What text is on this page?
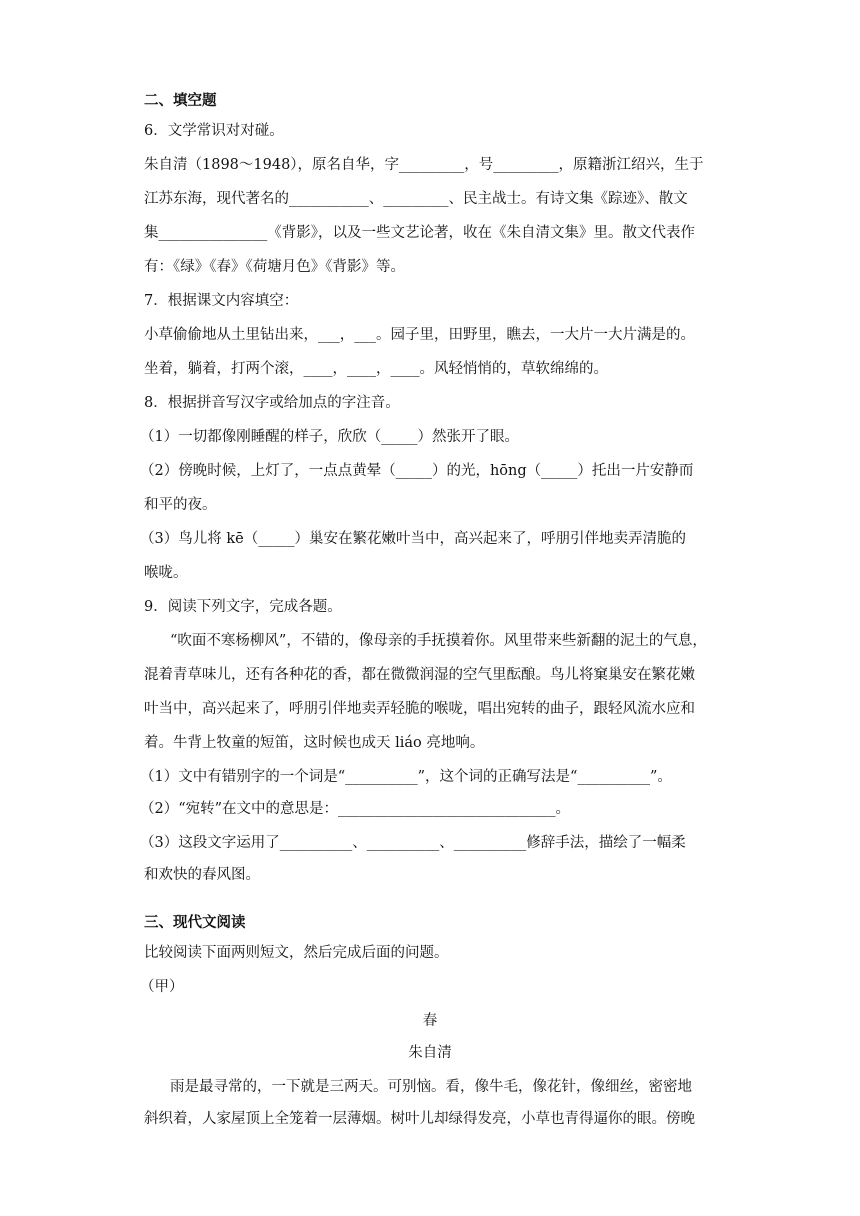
二、填空题
6．文学常识对对碰。
朱自清（1898～1948），原名自华，字_________，号_________，原籍浙江绍兴，生于
江苏东海，现代著名的___________、_________、民主战士。有诗文集《踪迹》、散文
集_______________《背影》，以及一些文艺论著，收在《朱自清文集》里。散文代表作
有：《绿》《春》《荷塘月色》《背影》等。
7．根据课文内容填空：
小草偷偷地从土里钻出来，___，___。园子里，田野里，瞧去，一大片一大片满是的。
坐着，躺着，打两个滚，____，____，____。风轻悄悄的，草软绵绵的。
8．根据拼音写汉字或给加点的字注音。
（1）一切都像刚睡醒的样子，欣欣（_____）然张开了眼。
（2）傍晚时候，上灯了，一点点黄晕（_____）的光，hōng（_____）托出一片安静而
和平的夜。
（3）鸟儿将 kē（_____）巢安在繁花嫩叶当中，高兴起来了，呼朋引伴地卖弄清脆的
喉咙。
9．阅读下列文字，完成各题。
“吹面不寒杨柳风”，不错的，像母亲的手抚摸着你。风里带来些新翻的泥土的气息，
混着青草味儿，还有各种花的香，都在微微润湿的空气里酝酿。鸟儿将窠巢安在繁花嫩
叶当中，高兴起来了，呼朋引伴地卖弄轻脆的喉咙，唱出宛转的曲子，跟轻风流水应和
着。牛背上牧童的短笛，这时候也成天 liáo 亮地响。
（1）文中有错别字的一个词是“__________”，这个词的正确写法是“__________”。
（2）“宛转”在文中的意思是：______________________________。
（3）这段文字运用了__________、__________、__________修辞手法，描绘了一幅柔
和欢快的春风图。
三、现代文阅读
比较阅读下面两则短文，然后完成后面的问题。
（甲）
春
朱自清
雨是最寻常的，一下就是三两天。可别恼。看，像牛毛，像花针，像细丝，密密地
斜织着，人家屋顶上全笼着一层薄烟。树叶儿却绿得发亮，小草也青得逼你的眼。傍晚
